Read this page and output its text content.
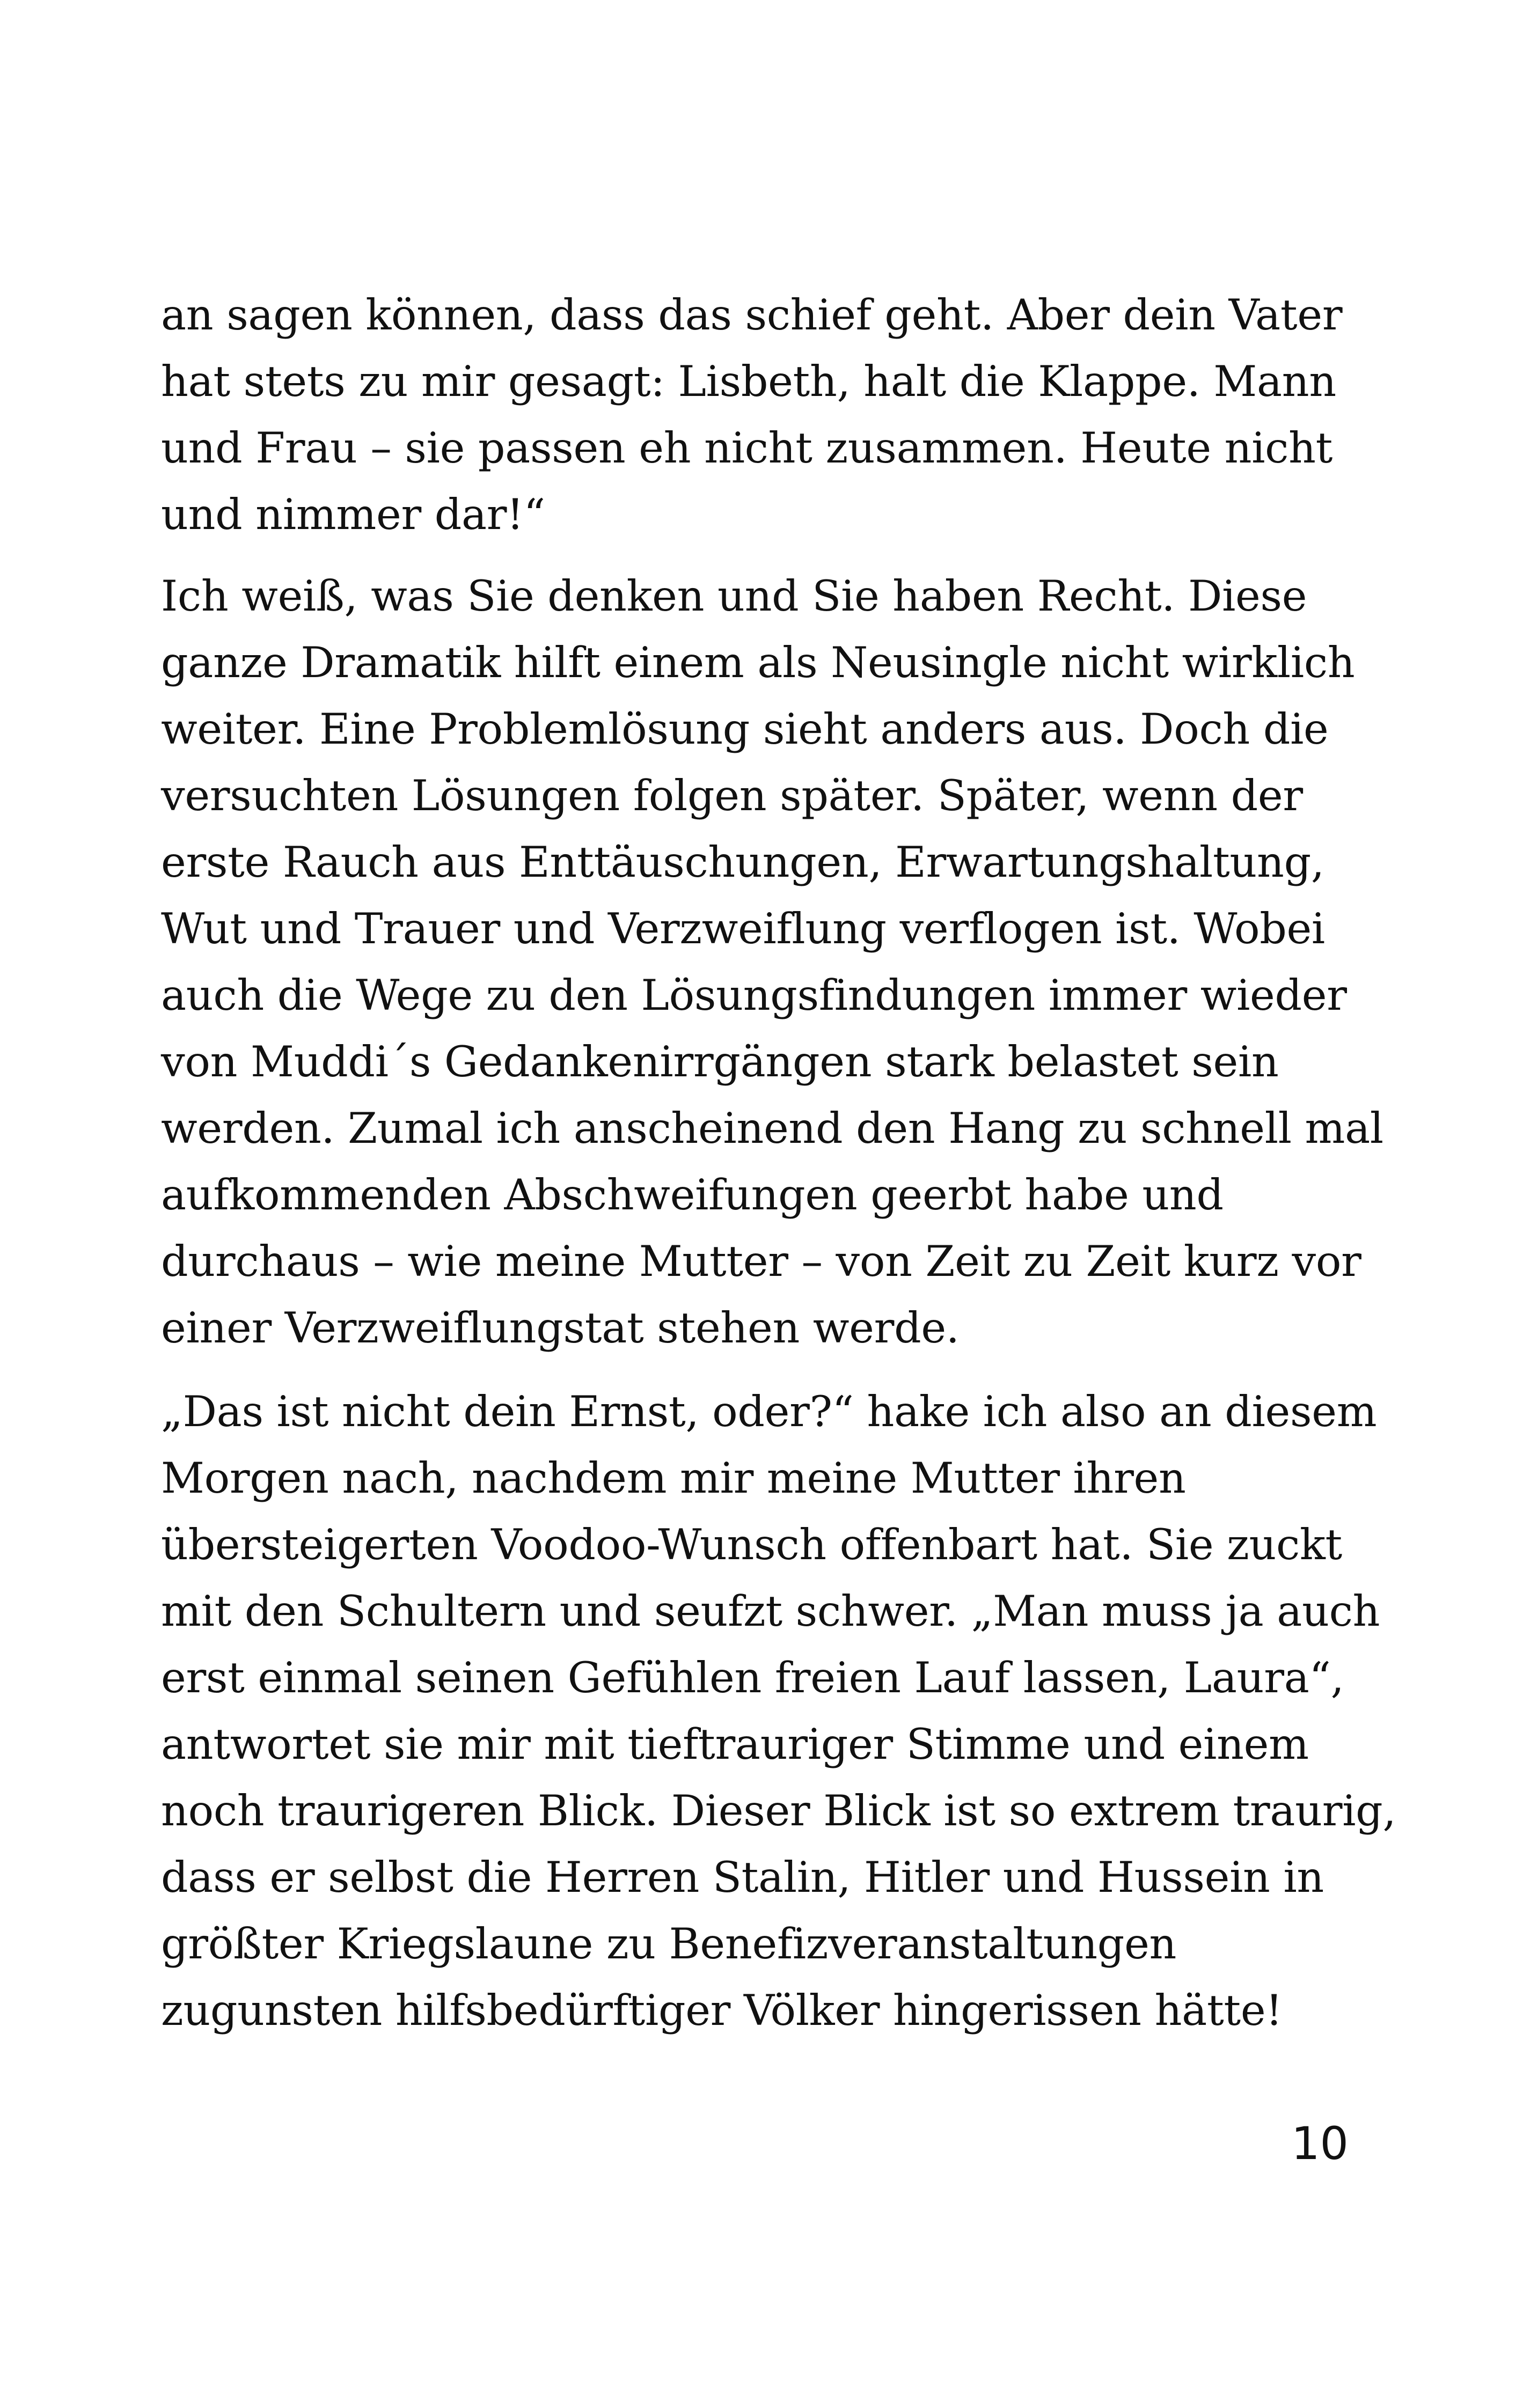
an sagen können, dass das schief geht. Aber dein Vater
hat stets zu mir gesagt: Lisbeth, halt die Klappe. Mann
und Frau – sie passen eh nicht zusammen. Heute nicht
und nimmer dar!“

Ich weiß, was Sie denken und Sie haben Recht. Diese
ganze Dramatik hilft einem als Neusingle nicht wirklich
weiter. Eine Problemlösung sieht anders aus. Doch die
versuchten Lösungen folgen später. Später, wenn der
erste Rauch aus Enttäuschungen, Erwartungshaltung,
Wut und Trauer und Verzweiflung verflogen ist. Wobei
auch die Wege zu den Lösungsfindungen immer wieder
von Muddi´s Gedankenirrgängen stark belastet sein
werden. Zumal ich anscheinend den Hang zu schnell mal
aufkommenden Abschweifungen geerbt habe und
durchaus – wie meine Mutter – von Zeit zu Zeit kurz vor
einer Verzweiflungstat stehen werde.

„Das ist nicht dein Ernst, oder?“ hake ich also an diesem
Morgen nach, nachdem mir meine Mutter ihren
übersteigerten Voodoo-Wunsch offenbart hat. Sie zuckt
mit den Schultern und seufzt schwer. „Man muss ja auch
erst einmal seinen Gefühlen freien Lauf lassen, Laura“,
antwortet sie mir mit tieftrauriger Stimme und einem
noch traurigeren Blick. Dieser Blick ist so extrem traurig,
dass er selbst die Herren Stalin, Hitler und Hussein in
größter Kriegslaune zu Benefizveranstaltungen
zugunsten hilfsbedürftiger Völker hingerissen hätte!

10
